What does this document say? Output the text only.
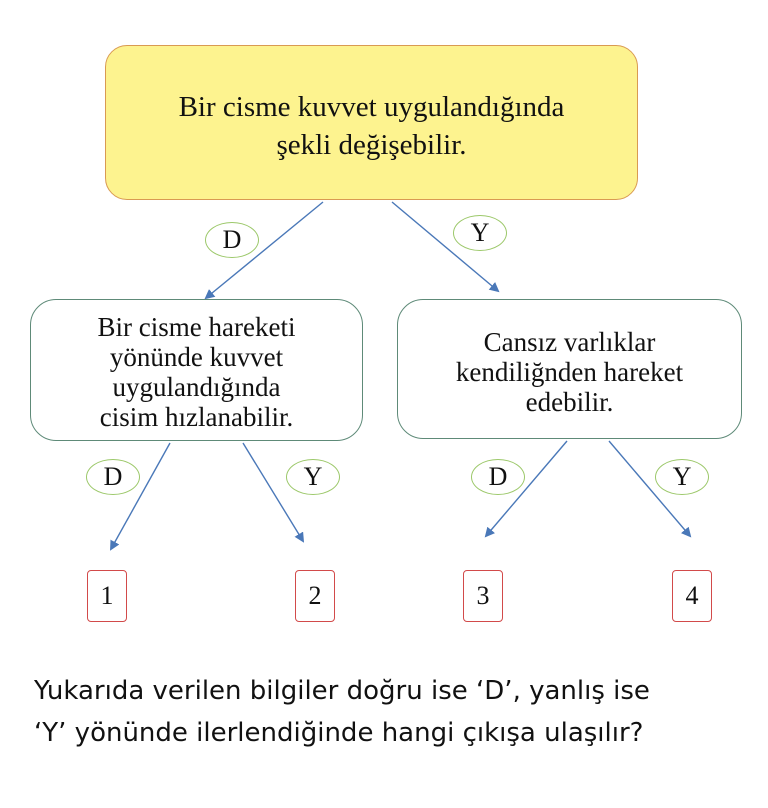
Bir cisme kuvvet uygulandığında
şekli değişebilir.
Bir cisme hareketi
yönünde kuvvet
uygulandığında
cisim hızlanabilir.
Cansız varlıklar
kendiliğnden hareket
edebilir.
D	Y
D	Y	D	Y
1	2	3	4
Yukarıda verilen bilgiler doğru ise ‘D’, yanlış ise
‘Y’ yönünde ilerlendiğinde hangi çıkışa ulaşılır?
